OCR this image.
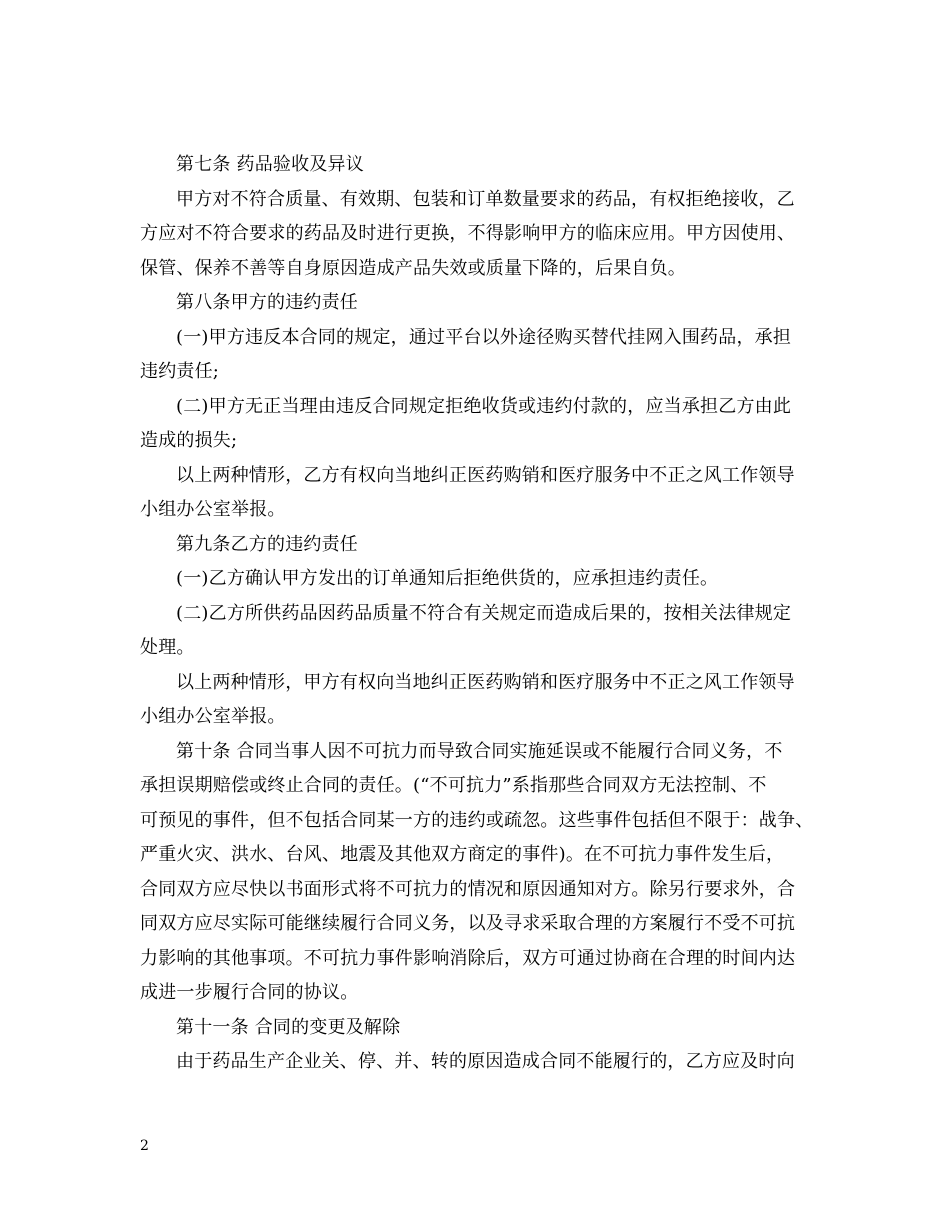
第七条 药品验收及异议
甲方对不符合质量、有效期、包装和订单数量要求的药品，有权拒绝接收，乙
方应对不符合要求的药品及时进行更换，不得影响甲方的临床应用。甲方因使用、
保管、保养不善等自身原因造成产品失效或质量下降的，后果自负。
第八条甲方的违约责任
(一)甲方违反本合同的规定，通过平台以外途径购买替代挂网入围药品，承担
违约责任;
(二)甲方无正当理由违反合同规定拒绝收货或违约付款的，应当承担乙方由此
造成的损失;
以上两种情形，乙方有权向当地纠正医药购销和医疗服务中不正之风工作领导
小组办公室举报。
第九条乙方的违约责任
(一)乙方确认甲方发出的订单通知后拒绝供货的，应承担违约责任。
(二)乙方所供药品因药品质量不符合有关规定而造成后果的，按相关法律规定
处理。
以上两种情形，甲方有权向当地纠正医药购销和医疗服务中不正之风工作领导
小组办公室举报。
第十条 合同当事人因不可抗力而导致合同实施延误或不能履行合同义务，不
承担误期赔偿或终止合同的责任。(“不可抗力”系指那些合同双方无法控制、不
可预见的事件，但不包括合同某一方的违约或疏忽。这些事件包括但不限于：战争、
严重火灾、洪水、台风、地震及其他双方商定的事件)。在不可抗力事件发生后，
合同双方应尽快以书面形式将不可抗力的情况和原因通知对方。除另行要求外，合
同双方应尽实际可能继续履行合同义务，以及寻求采取合理的方案履行不受不可抗
力影响的其他事项。不可抗力事件影响消除后，双方可通过协商在合理的时间内达
成进一步履行合同的协议。
第十一条 合同的变更及解除
由于药品生产企业关、停、并、转的原因造成合同不能履行的，乙方应及时向
2
